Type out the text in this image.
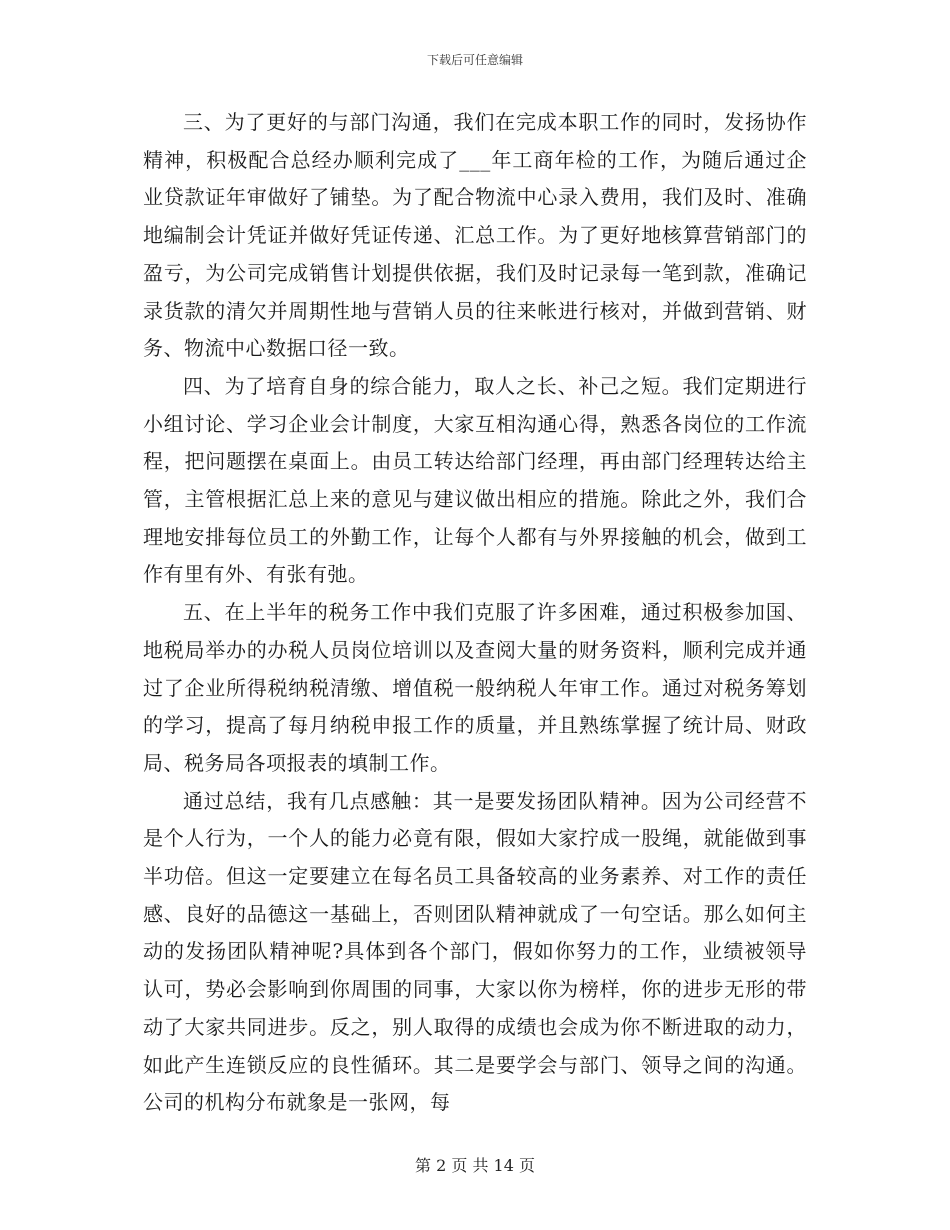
下载后可任意编辑

三、为了更好的与部门沟通，我们在完成本职工作的同时，发扬协作精神，积极配合总经办顺利完成了___年工商年检的工作，为随后通过企业贷款证年审做好了铺垫。为了配合物流中心录入费用，我们及时、准确地编制会计凭证并做好凭证传递、汇总工作。为了更好地核算营销部门的盈亏，为公司完成销售计划提供依据，我们及时记录每一笔到款，准确记录货款的清欠并周期性地与营销人员的往来帐进行核对，并做到营销、财务、物流中心数据口径一致。

四、为了培育自身的综合能力，取人之长、补己之短。我们定期进行小组讨论、学习企业会计制度，大家互相沟通心得，熟悉各岗位的工作流程，把问题摆在桌面上。由员工转达给部门经理，再由部门经理转达给主管，主管根据汇总上来的意见与建议做出相应的措施。除此之外，我们合理地安排每位员工的外勤工作，让每个人都有与外界接触的机会，做到工作有里有外、有张有弛。

五、在上半年的税务工作中我们克服了许多困难，通过积极参加国、地税局举办的办税人员岗位培训以及查阅大量的财务资料，顺利完成并通过了企业所得税纳税清缴、增值税一般纳税人年审工作。通过对税务筹划的学习，提高了每月纳税申报工作的质量，并且熟练掌握了统计局、财政局、税务局各项报表的填制工作。

通过总结，我有几点感触：其一是要发扬团队精神。因为公司经营不是个人行为，一个人的能力必竟有限，假如大家拧成一股绳，就能做到事半功倍。但这一定要建立在每名员工具备较高的业务素养、对工作的责任感、良好的品德这一基础上，否则团队精神就成了一句空话。那么如何主动的发扬团队精神呢?具体到各个部门，假如你努力的工作，业绩被领导认可，势必会影响到你周围的同事，大家以你为榜样，你的进步无形的带动了大家共同进步。反之，别人取得的成绩也会成为你不断进取的动力，如此产生连锁反应的良性循环。其二是要学会与部门、领导之间的沟通。公司的机构分布就象是一张网，每

第 2 页 共 14 页
